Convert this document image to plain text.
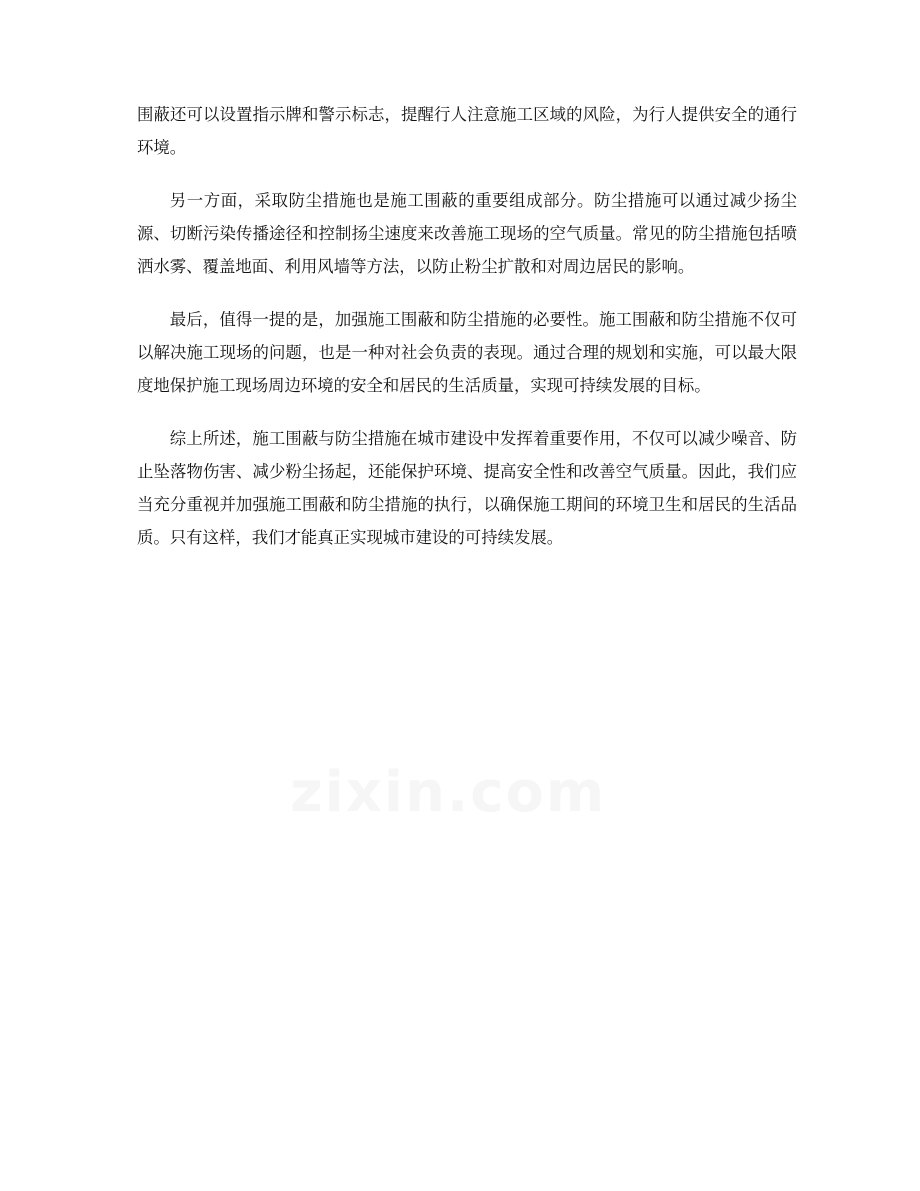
围蔽还可以设置指示牌和警示标志，提醒行人注意施工区域的风险，为行人提供安全的通行环境。

另一方面，采取防尘措施也是施工围蔽的重要组成部分。防尘措施可以通过减少扬尘源、切断污染传播途径和控制扬尘速度来改善施工现场的空气质量。常见的防尘措施包括喷洒水雾、覆盖地面、利用风墙等方法，以防止粉尘扩散和对周边居民的影响。

最后，值得一提的是，加强施工围蔽和防尘措施的必要性。施工围蔽和防尘措施不仅可以解决施工现场的问题，也是一种对社会负责的表现。通过合理的规划和实施，可以最大限度地保护施工现场周边环境的安全和居民的生活质量，实现可持续发展的目标。

综上所述，施工围蔽与防尘措施在城市建设中发挥着重要作用，不仅可以减少噪音、防止坠落物伤害、减少粉尘扬起，还能保护环境、提高安全性和改善空气质量。因此，我们应当充分重视并加强施工围蔽和防尘措施的执行，以确保施工期间的环境卫生和居民的生活品质。只有这样，我们才能真正实现城市建设的可持续发展。

zixin.com
